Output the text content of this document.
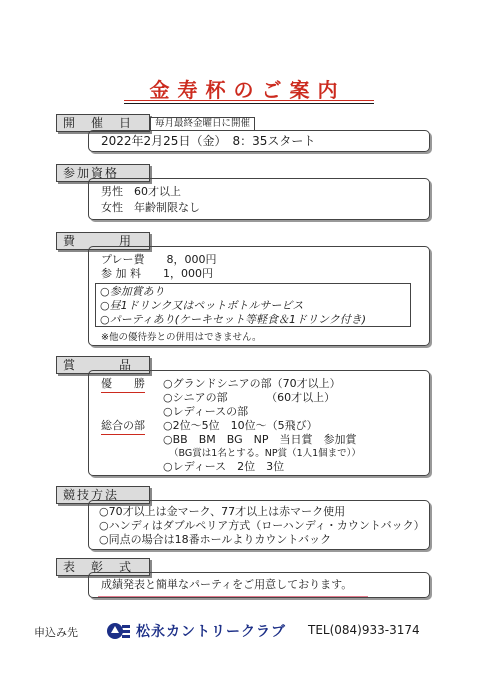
金寿杯のご案内
開　催　日	毎月最終金曜日に開催
2022年2月25日（金）　8：35スタート
参加資格
男性　60才以上
女性　年齢制限なし
費　　　用
プレー費　　8，000円
参 加 料　　1，000円
○参加賞あり
○昼1ドリンク又はペットボトルサービス
○パーティあり(ケーキセット等軽食＆1ドリンク付き)
※他の優待券との併用はできません。
賞　　　品
優　　勝
総合の部
○グランドシニアの部（70才以上）
○シニアの部　　　　（60才以上）
○レディースの部
○2位〜5位　10位〜（5飛び）
○BB　BM　BG　NP　当日賞　参加賞
（BG賞は1名とする。NP賞（1人1個まで））
○レディース　2位　3位
競技方法
○70才以上は金マーク、77才以上は赤マーク使用
○ハンディはダブルペリア方式（ローハンディ・カウントバック）
○同点の場合は18番ホールよりカウントバック
表　彰　式
成績発表と簡単なパーティをご用意しております。
申込み先	松永カントリークラブ TEL(084)933-3174
